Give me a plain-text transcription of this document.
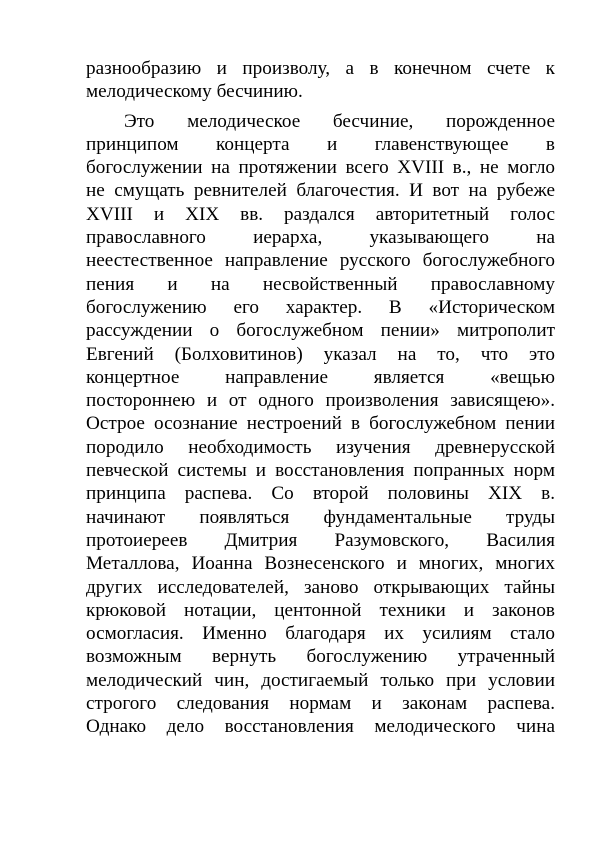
разнообразию и произволу, а в конечном счете к
мелодическому бесчинию.
Это мелодическое бесчиние, порожденное
принципом концерта и главенствующее в
богослужении на протяжении всего XVIII в., не могло
не смущать ревнителей благочестия. И вот на рубеже
XVIII и XIX вв. раздался авторитетный голос
православного иерарха, указывающего на
неестественное направление русского богослужебного
пения и на несвойственный православному
богослужению его характер. В «Историческом
рассуждении о богослужебном пении» митрополит
Евгений (Болховитинов) указал на то, что это
концертное направление является «вещью
постороннею и от одного произволения зависящею».
Острое осознание нестроений в богослужебном пении
породило необходимость изучения древнерусской
певческой системы и восстановления попранных норм
принципа распева. Со второй половины XIX в.
начинают появляться фундаментальные труды
протоиереев Дмитрия Разумовского, Василия
Металлова, Иоанна Вознесенского и многих, многих
других исследователей, заново открывающих тайны
крюковой нотации, центонной техники и законов
осмогласия. Именно благодаря их усилиям стало
возможным вернуть богослужению утраченный
мелодический чин, достигаемый только при условии
строгого следования нормам и законам распева.
Однако дело восстановления мелодического чина
